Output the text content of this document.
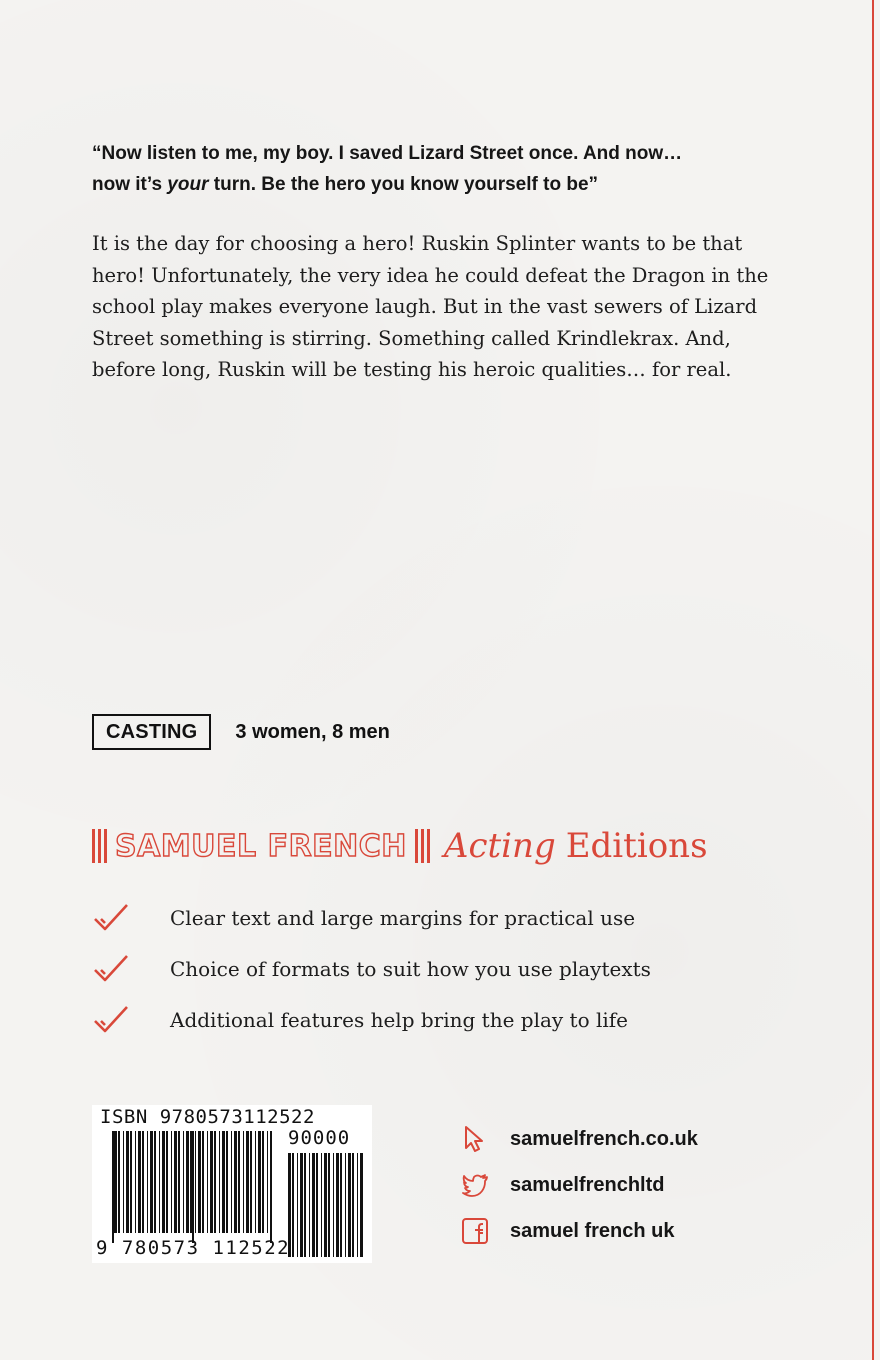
“Now listen to me, my boy. I saved Lizard Street once. And now…
now it’s your turn. Be the hero you know yourself to be”

It is the day for choosing a hero! Ruskin Splinter wants to be that hero! Unfortunately, the very idea he could defeat the Dragon in the school play makes everyone laugh. But in the vast sewers of Lizard Street something is stirring. Something called Krindlekrax. And, before long, Ruskin will be testing his heroic qualities… for real.

CASTING	3 women, 8 men
SAMUEL FRENCH Acting Editions
Clear text and large margins for practical use
Choice of formats to suit how you use playtexts
Additional features help bring the play to life
ISBN 9780573112522
90000
9 780573 112522
samuelfrench.co.uk
samuelfrenchltd
samuel french uk
